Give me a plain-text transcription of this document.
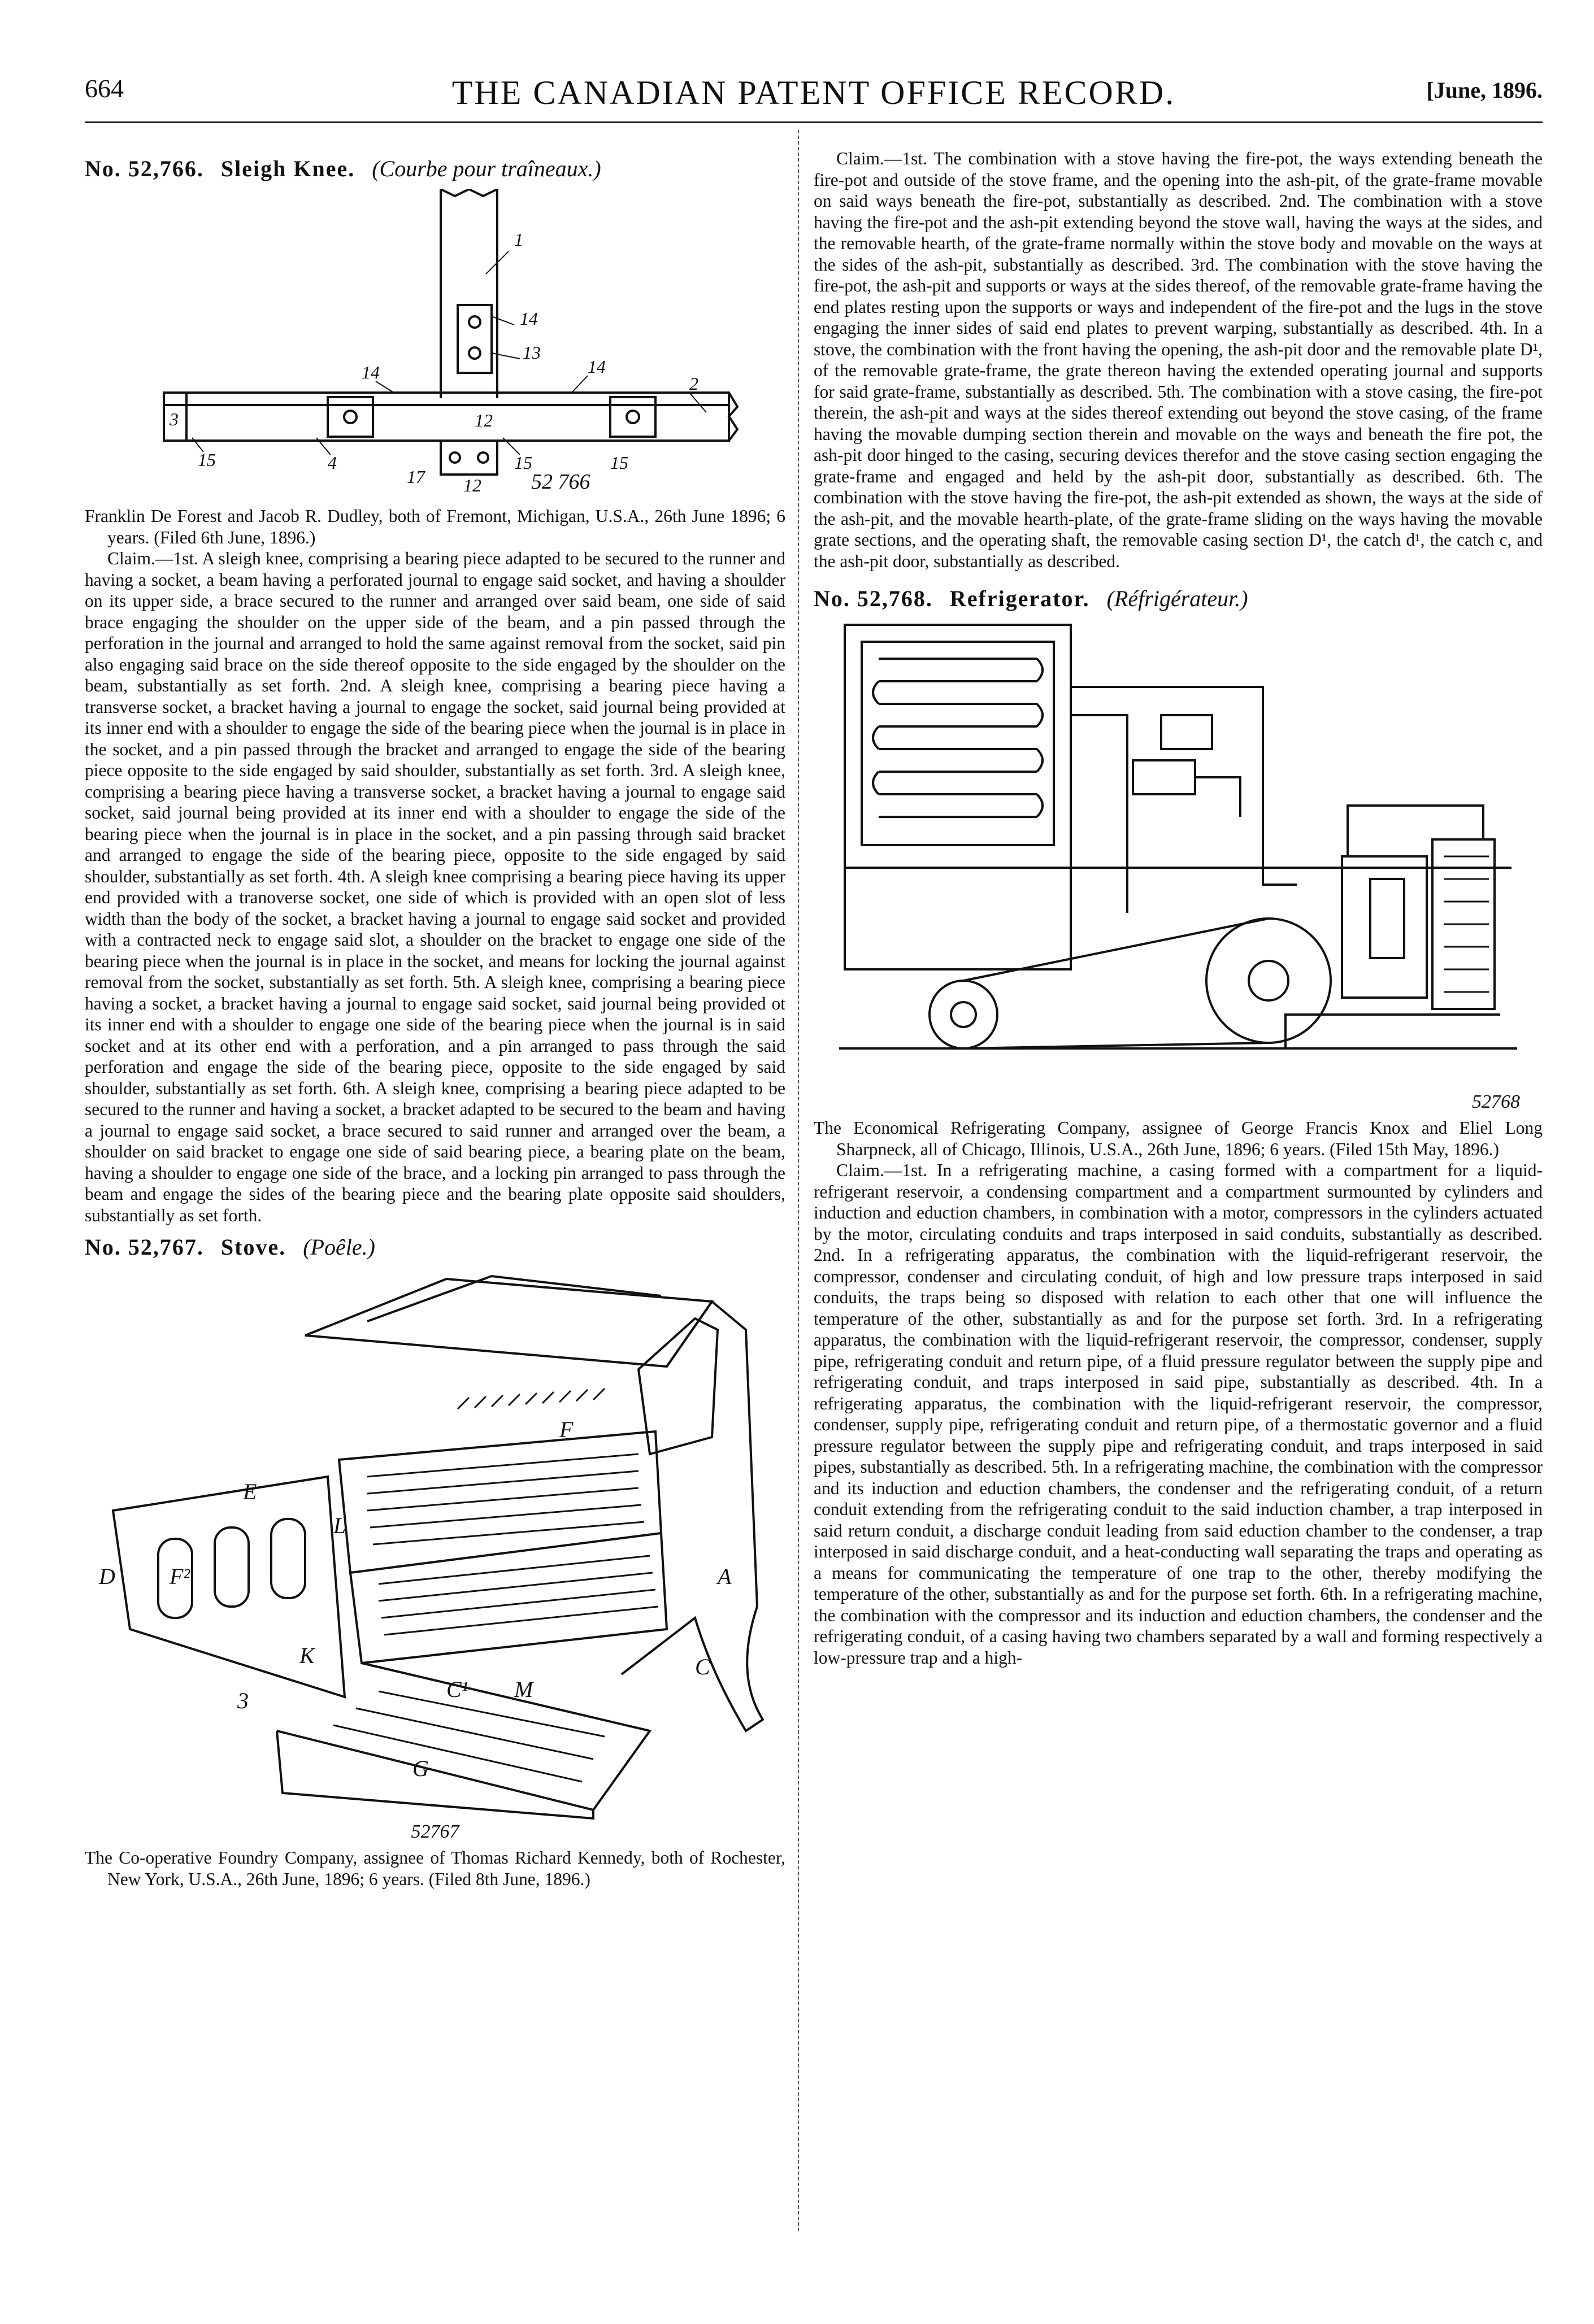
664	THE CANADIAN PATENT OFFICE RECORD.	[June, 1896.
No. 52,766. Sleigh Knee. (Courbe pour traîneaux.)
1
14
13
14	14
3	12
2
15	4	15	15
17 12 52 766

Franklin De Forest and Jacob R. Dudley, both of Fremont, Michigan, U.S.A., 26th June 1896; 6 years. (Filed 6th June, 1896.)

Claim.—1st. A sleigh knee, comprising a bearing piece adapted to be secured to the runner and having a socket, a beam having a perforated journal to engage said socket, and having a shoulder on its upper side, a brace secured to the runner and arranged over said beam, one side of said brace engaging the shoulder on the upper side of the beam, and a pin passed through the perforation in the journal and arranged to hold the same against removal from the socket, said pin also engaging said brace on the side thereof opposite to the side engaged by the shoulder on the beam, substantially as set forth. 2nd. A sleigh knee, comprising a bearing piece having a transverse socket, a bracket having a journal to engage the socket, said journal being provided at its inner end with a shoulder to engage the side of the bearing piece when the journal is in place in the socket, and a pin passed through the bracket and arranged to engage the side of the bearing piece opposite to the side engaged by said shoulder, substantially as set forth. 3rd. A sleigh knee, comprising a bearing piece having a transverse socket, a bracket having a journal to engage said socket, said journal being provided at its inner end with a shoulder to engage the side of the bearing piece when the journal is in place in the socket, and a pin passing through said bracket and arranged to engage the side of the bearing piece, opposite to the side engaged by said shoulder, substantially as set forth. 4th. A sleigh knee comprising a bearing piece having its upper end provided with a tranoverse socket, one side of which is provided with an open slot of less width than the body of the socket, a bracket having a journal to engage said socket and provided with a contracted neck to engage said slot, a shoulder on the bracket to engage one side of the bearing piece when the journal is in place in the socket, and means for locking the journal against removal from the socket, substantially as set forth. 5th. A sleigh knee, comprising a bearing piece having a socket, a bracket having a journal to engage said socket, said journal being provided ot its inner end with a shoulder to engage one side of the bearing piece when the journal is in said socket and at its other end with a perforation, and a pin arranged to pass through the said perforation and engage the side of the bearing piece, opposite to the side engaged by said shoulder, substantially as set forth. 6th. A sleigh knee, comprising a bearing piece adapted to be secured to the runner and having a socket, a bracket adapted to be secured to the beam and having a journal to engage said socket, a brace secured to said runner and arranged over the beam, a shoulder on said bracket to engage one side of said bearing piece, a bearing plate on the beam, having a shoulder to engage one side of the brace, and a locking pin arranged to pass through the beam and engage the sides of the bearing piece and the bearing plate opposite said shoulders, substantially as set forth.

No. 52,767. Stove. (Poêle.)
E
F
F²
L
D
K
C¹ M
A
C
G
3
52767

The Co-operative Foundry Company, assignee of Thomas Richard Kennedy, both of Rochester, New York, U.S.A., 26th June, 1896; 6 years. (Filed 8th June, 1896.)

Claim.—1st. The combination with a stove having the fire-pot, the ways extending beneath the fire-pot and outside of the stove frame, and the opening into the ash-pit, of the grate-frame movable on said ways beneath the fire-pot, substantially as described. 2nd. The combination with a stove having the fire-pot and the ash-pit extending beyond the stove wall, having the ways at the sides, and the removable hearth, of the grate-frame normally within the stove body and movable on the ways at the sides of the ash-pit, substantially as described. 3rd. The combination with the stove having the fire-pot, the ash-pit and supports or ways at the sides thereof, of the removable grate-frame having the end plates resting upon the supports or ways and independent of the fire-pot and the lugs in the stove engaging the inner sides of said end plates to prevent warping, substantially as described. 4th. In a stove, the combination with the front having the opening, the ash-pit door and the removable plate D¹, of the removable grate-frame, the grate thereon having the extended operating journal and supports for said grate-frame, substantially as described. 5th. The combination with a stove casing, the fire-pot therein, the ash-pit and ways at the sides thereof extending out beyond the stove casing, of the frame having the movable dumping section therein and movable on the ways and beneath the fire pot, the ash-pit door hinged to the casing, securing devices therefor and the stove casing section engaging the grate-frame and engaged and held by the ash-pit door, substantially as described. 6th. The combination with the stove having the fire-pot, the ash-pit extended as shown, the ways at the side of the ash-pit, and the movable hearth-plate, of the grate-frame sliding on the ways having the movable grate sections, and the operating shaft, the removable casing section D¹, the catch d¹, the catch c, and the ash-pit door, substantially as described.

No. 52,768. Refrigerator. (Réfrigérateur.)
52768

The Economical Refrigerating Company, assignee of George Francis Knox and Eliel Long Sharpneck, all of Chicago, Illinois, U.S.A., 26th June, 1896; 6 years. (Filed 15th May, 1896.)

Claim.—1st. In a refrigerating machine, a casing formed with a compartment for a liquid-refrigerant reservoir, a condensing compartment and a compartment surmounted by cylinders and induction and eduction chambers, in combination with a motor, compressors in the cylinders actuated by the motor, circulating conduits and traps interposed in said conduits, substantially as described. 2nd. In a refrigerating apparatus, the combination with the liquid-refrigerant reservoir, the compressor, condenser and circulating conduit, of high and low pressure traps interposed in said conduits, the traps being so disposed with relation to each other that one will influence the temperature of the other, substantially as and for the purpose set forth. 3rd. In a refrigerating apparatus, the combination with the liquid-refrigerant reservoir, the compressor, condenser, supply pipe, refrigerating conduit and return pipe, of a fluid pressure regulator between the supply pipe and refrigerating conduit, and traps interposed in said pipe, substantially as described. 4th. In a refrigerating apparatus, the combination with the liquid-refrigerant reservoir, the compressor, condenser, supply pipe, refrigerating conduit and return pipe, of a thermostatic governor and a fluid pressure regulator between the supply pipe and refrigerating conduit, and traps interposed in said pipes, substantially as described. 5th. In a refrigerating machine, the combination with the compressor and its induction and eduction chambers, the condenser and the refrigerating conduit, of a return conduit extending from the refrigerating conduit to the said induction chamber, a trap interposed in said return conduit, a discharge conduit leading from said eduction chamber to the condenser, a trap interposed in said discharge conduit, and a heat-conducting wall separating the traps and operating as a means for communicating the temperature of one trap to the other, thereby modifying the temperature of the other, substantially as and for the purpose set forth. 6th. In a refrigerating machine, the combination with the compressor and its induction and eduction chambers, the condenser and the refrigerating conduit, of a casing having two chambers separated by a wall and forming respectively a low-pressure trap and a high-
